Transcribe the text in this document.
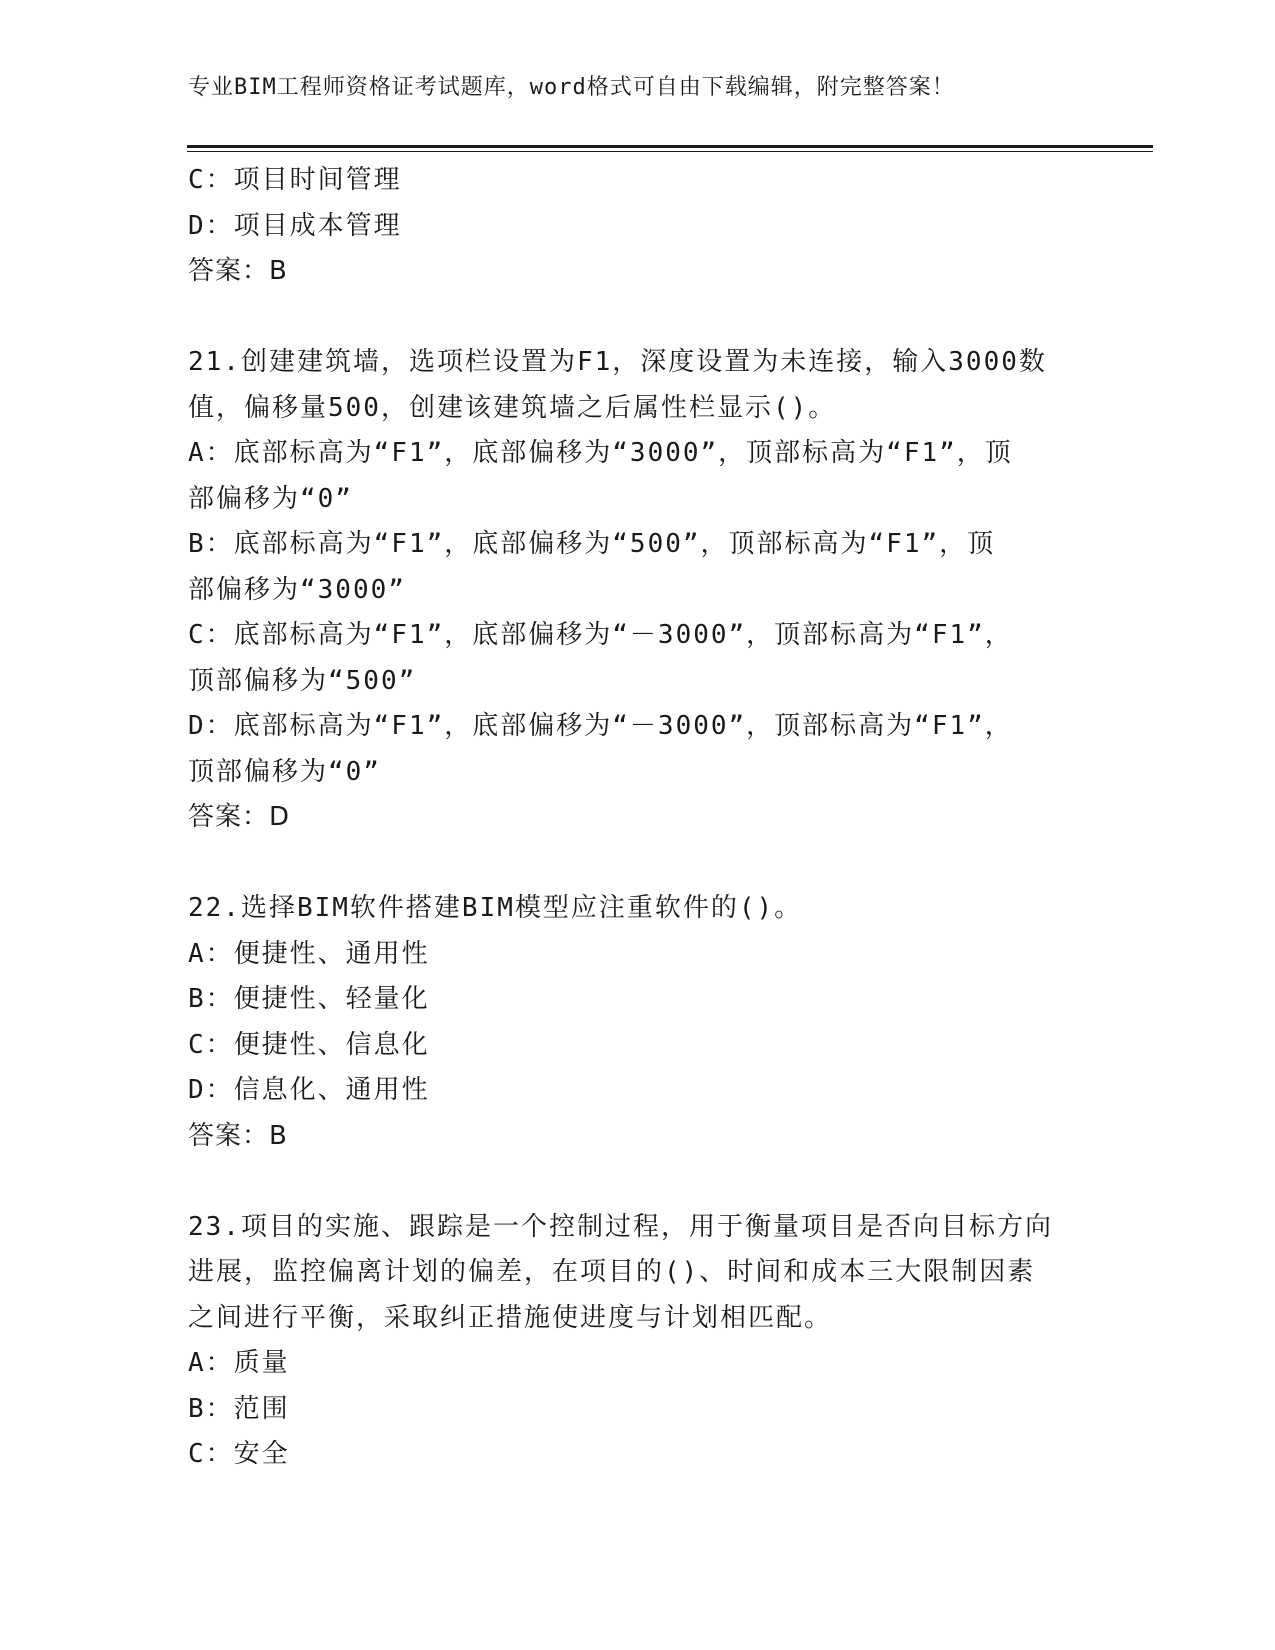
专业BIM工程师资格证考试题库，word格式可自由下载编辑，附完整答案！
C：项目时间管理
D：项目成本管理
答案：B
21.创建建筑墙，选项栏设置为F1，深度设置为未连接，输入3000数
值，偏移量500，创建该建筑墙之后属性栏显示()。
A：底部标高为“F1”，底部偏移为“3000”，顶部标高为“F1”，顶
部偏移为“0”
B：底部标高为“F1”，底部偏移为“500”，顶部标高为“F1”，顶
部偏移为“3000”
C：底部标高为“F1”，底部偏移为“－3000”，顶部标高为“F1”，
顶部偏移为“500”
D：底部标高为“F1”，底部偏移为“－3000”，顶部标高为“F1”，
顶部偏移为“0”
答案：D
22.选择BIM软件搭建BIM模型应注重软件的()。
A：便捷性、通用性
B：便捷性、轻量化
C：便捷性、信息化
D：信息化、通用性
答案：B
23.项目的实施、跟踪是一个控制过程，用于衡量项目是否向目标方向
进展，监控偏离计划的偏差，在项目的()、时间和成本三大限制因素
之间进行平衡，采取纠正措施使进度与计划相匹配。
A：质量
B：范围
C：安全
